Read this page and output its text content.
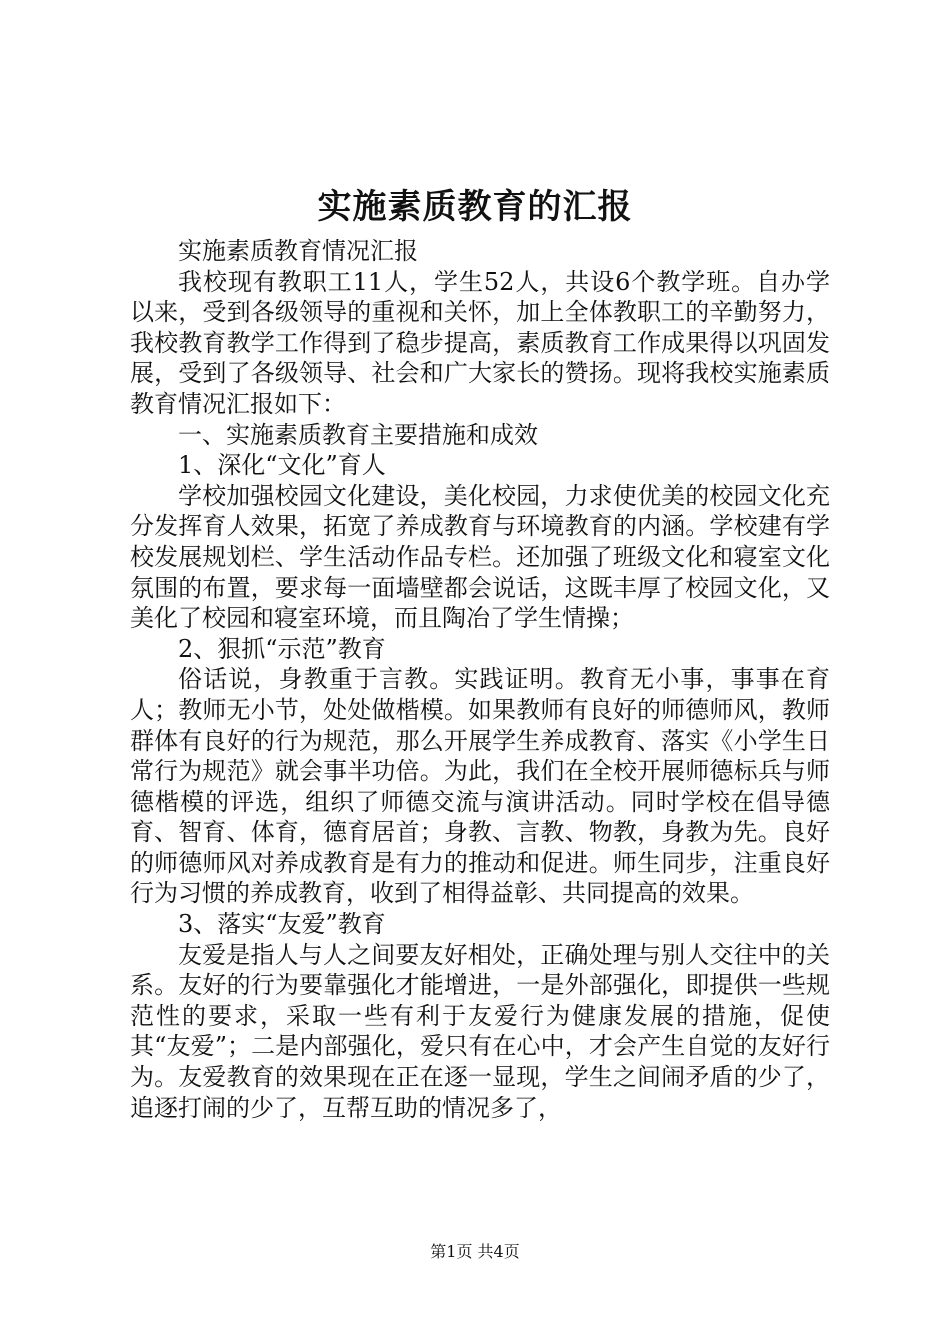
实施素质教育的汇报

实施素质教育情况汇报

我校现有教职工11人，学生52人，共设6个教学班。自办学以来，受到各级领导的重视和关怀，加上全体教职工的辛勤努力，我校教育教学工作得到了稳步提高，素质教育工作成果得以巩固发展，受到了各级领导、社会和广大家长的赞扬。现将我校实施素质教育情况汇报如下：

一、实施素质教育主要措施和成效

1、深化“文化”育人

学校加强校园文化建设，美化校园，力求使优美的校园文化充分发挥育人效果，拓宽了养成教育与环境教育的内涵。学校建有学校发展规划栏、学生活动作品专栏。还加强了班级文化和寝室文化氛围的布置，要求每一面墙壁都会说话，这既丰厚了校园文化，又美化了校园和寝室环境，而且陶冶了学生情操；

2、狠抓“示范”教育

俗话说，身教重于言教。实践证明。教育无小事，事事在育人；教师无小节，处处做楷模。如果教师有良好的师德师风，教师群体有良好的行为规范，那么开展学生养成教育、落实《小学生日常行为规范》就会事半功倍。为此，我们在全校开展师德标兵与师德楷模的评选，组织了师德交流与演讲活动。同时学校在倡导德育、智育、体育，德育居首；身教、言教、物教，身教为先。良好的师德师风对养成教育是有力的推动和促进。师生同步，注重良好行为习惯的养成教育，收到了相得益彰、共同提高的效果。

3、落实“友爱”教育

友爱是指人与人之间要友好相处，正确处理与别人交往中的关系。友好的行为要靠强化才能增进，一是外部强化，即提供一些规范性的要求，采取一些有利于友爱行为健康发展的措施，促使其“友爱”；二是内部强化，爱只有在心中，才会产生自觉的友好行为。友爱教育的效果现在正在逐一显现，学生之间闹矛盾的少了，追逐打闹的少了，互帮互助的情况多了，

第1页 共4页
